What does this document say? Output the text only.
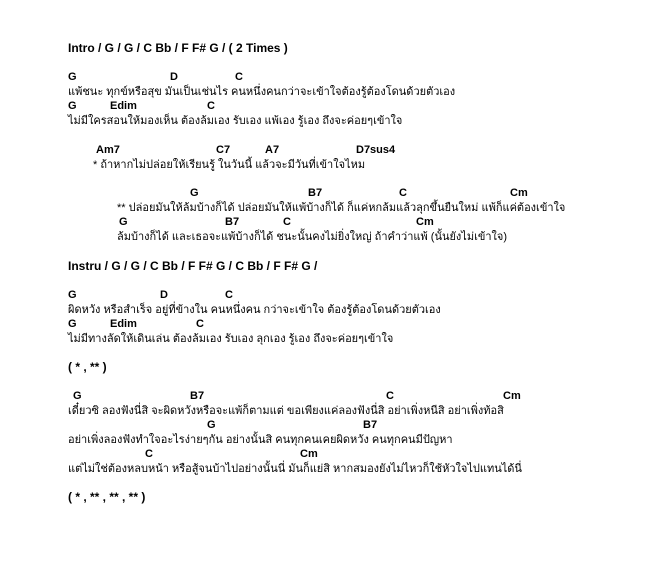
Intro / G / G / C Bb / F F# G / ( 2 Times )
G	D	C
แพ้ชนะ ทุกข์หรือสุข มันเป็นเช่นไร คนหนึ่งคนกว่าจะเข้าใจต้องรู้ต้องโดนด้วยตัวเอง
G	Edim	C
ไม่มีใครสอนให้มองเห็น ต้องล้มเอง รับเอง แพ้เอง รู้เอง ถึงจะค่อยๆเข้าใจ
Am7	C7	A7	D7sus4
* ถ้าหากไม่ปล่อยให้เรียนรู้ ในวันนี้ แล้วจะมีวันที่เข้าใจไหม
G	B7	C	Cm
** ปล่อยมันให้ล้มบ้างก็ได้ ปล่อยมันให้แพ้บ้างก็ได้ ก็แค่หกล้มแล้วลุกขึ้นยืนใหม่ แพ้ก็แค่ต้องเข้าใจ
G	B7	C	Cm
ล้มบ้างก็ได้ และเธอจะแพ้บ้างก็ได้ ชนะนั้นคงไม่ยิ่งใหญ่ ถ้าคำว่าแพ้ (นั้นยังไม่เข้าใจ)
Instru / G / G / C Bb / F F# G / C Bb / F F# G /
G	D	C
ผิดหวัง หรือสำเร็จ อยู่ที่ข้างใน คนหนึ่งคน กว่าจะเข้าใจ ต้องรู้ต้องโดนด้วยตัวเอง
G	Edim	C
ไม่มีทางลัดให้เดินเล่น ต้องล้มเอง รับเอง ลุกเอง รู้เอง ถึงจะค่อยๆเข้าใจ
( * , ** )
G	B7	C	Cm
เดี๋ยวซิ ลองฟังนี่สิ จะผิดหวังหรือจะแพ้ก็ตามแต่ ขอเพียงแค่ลองฟังนี่สิ อย่าเพิ่งหนีสิ อย่าเพิ่งท้อสิ
G	B7
อย่าเพิ่งลองฟังทำใจอะไรง่ายๆกัน อย่างนั้นสิ คนทุกคนเคยผิดหวัง คนทุกคนมีปัญหา
C	Cm
แต่ไม่ใช่ต้องหลบหน้า หรือสู้จนบ้าไปอย่างนั้นนี่ มันก็แย่สิ หากสมองยังไม่ไหวก็ใช้หัวใจไปแทนได้นี่
( * , ** , ** , ** )
